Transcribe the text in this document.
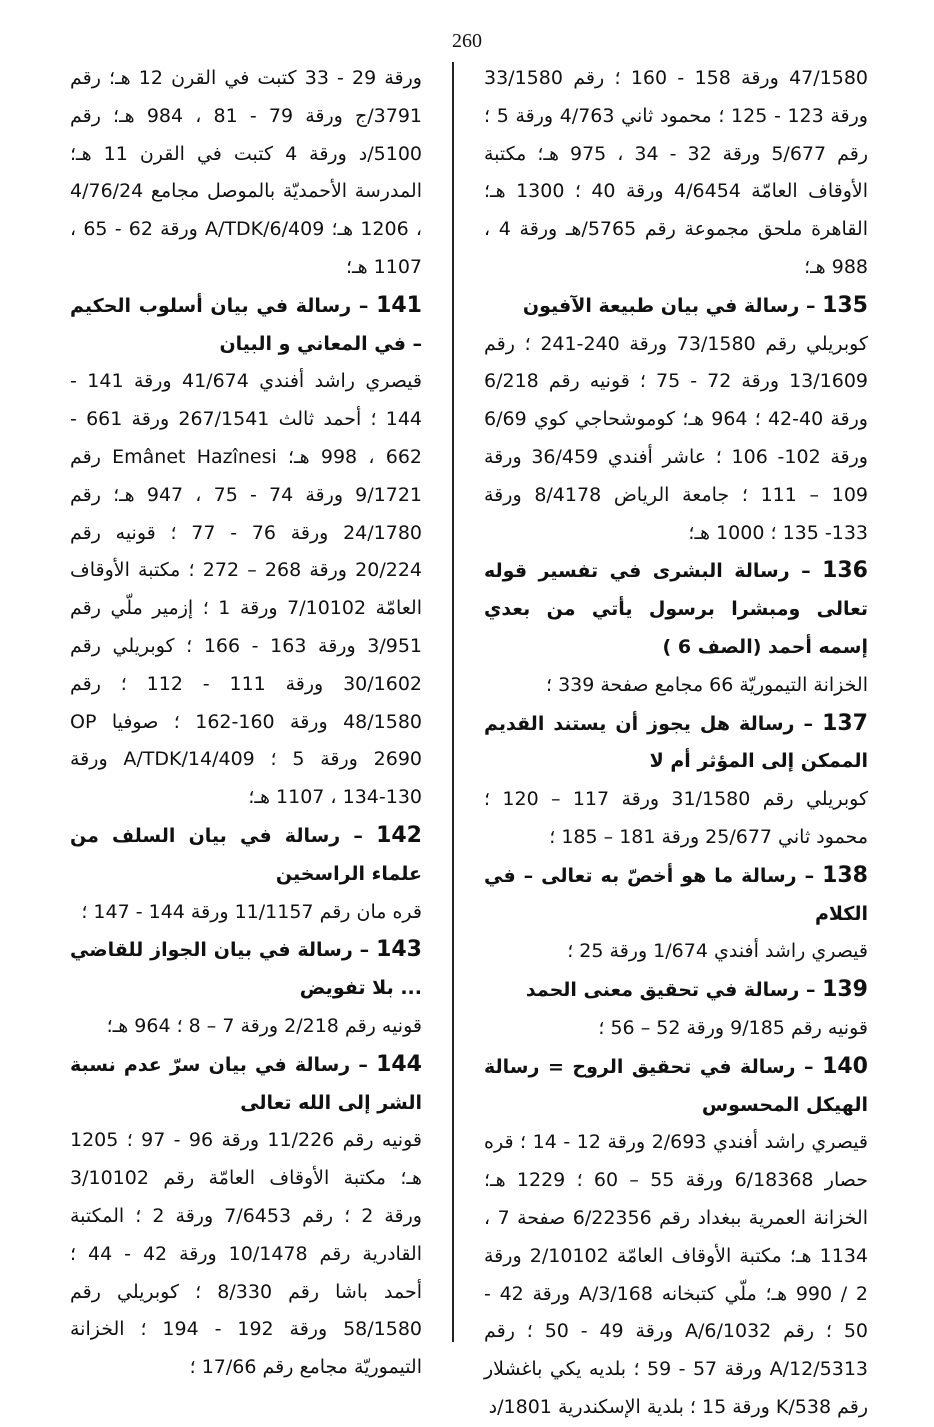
260

47/1580 ورقة 158 - 160 ؛ رقم 33/1580 ورقة 123 - 125 ؛ محمود ثاني 4/763 ورقة 5 ؛ رقم 5/677 ورقة 32 - 34 ، 975 هـ؛ مكتبة الأوقاف العامّة 4/6454 ورقة 40 ؛ 1300 هـ؛ القاهرة ملحق مجموعة رقم 5765/هـ ورقة 4 ، 988 هـ؛

135 – رسالة في بيان طبيعة الآفيون

كوبريلي رقم 73/1580 ورقة 240-241 ؛ رقم 13/1609 ورقة 72 - 75 ؛ قونيه رقم 6/218 ورقة 40-42 ؛ 964 هـ؛ كوموشحاجي كوي 6/69 ورقة 102- 106 ؛ عاشر أفندي 36/459 ورقة 109 – 111 ؛ جامعة الرياض 8/4178 ورقة 133- 135 ؛ 1000 هـ؛

136 – رسالة البشرى في تفسير قوله تعالى ومبشرا برسول يأتي من بعدي إسمه أحمد (الصف 6 )

الخزانة التيموريّة 66 مجامع صفحة 339 ؛

137 – رسالة هل يجوز أن يستند القديم الممكن إلى المؤثر أم لا

كوبريلي رقم 31/1580 ورقة 117 – 120 ؛ محمود ثاني 25/677 ورقة 181 – 185 ؛

138 – رسالة ما هو أخصّ به تعالى – في الكلام

قيصري راشد أفندي 1/674 ورقة 25 ؛

139 – رسالة في تحقيق معنى الحمد

قونيه رقم 9/185 ورقة 52 – 56 ؛

140 – رسالة في تحقيق الروح = رسالة الهيكل المحسوس

قيصري راشد أفندي 2/693 ورقة 12 - 14 ؛ قره حصار 6/18368 ورقة 55 – 60 ؛ 1229 هـ؛ الخزانة العمرية ببغداد رقم 6/22356 صفحة 7 ، 1134 هـ؛ مكتبة الأوقاف العامّة 2/10102 ورقة 2 / 990 هـ؛ ملّي كتبخانه 3/168/A ورقة 42 - 50 ؛ رقم 6/1032/A ورقة 49 - 50 ؛ رقم 12/5313/A ورقة 57 - 59 ؛ بلديه يكي باغشلار رقم 538/K ورقة 15 ؛ بلدية الإسكندرية 1801/د

ورقة 29 - 33 كتبت في القرن 12 هـ؛ رقم 3791/ج ورقة 79 - 81 ، 984 هـ؛ رقم 5100/د ورقة 4 كتبت في القرن 11 هـ؛ المدرسة الأحمديّة بالموصل مجامع 4/76/24 ، 1206 هـ؛ 6/409/A/TDK ورقة 62 - 65 ، 1107 هـ؛

141 – رسالة في بيان أسلوب الحكيم – في المعاني و البيان

قيصري راشد أفندي 41/674 ورقة 141 - 144 ؛ أحمد ثالث 267/1541 ورقة 661 - 662 ، 998 هـ؛ Emânet Hazînesi رقم 9/1721 ورقة 74 - 75 ، 947 هـ؛ رقم 24/1780 ورقة 76 - 77 ؛ قونيه رقم 20/224 ورقة 268 – 272 ؛ مكتبة الأوقاف العامّة 7/10102 ورقة 1 ؛ إزمير ملّي رقم 3/951 ورقة 163 - 166 ؛ كوبريلي رقم 30/1602 ورقة 111 - 112 ؛ رقم 48/1580 ورقة 160-162 ؛ صوفيا OP 2690 ورقة 5 ؛ 14/409/A/TDK ورقة 130-134 ، 1107 هـ؛

142 – رسالة في بيان السلف من علماء الراسخين

قره مان رقم 11/1157 ورقة 144 - 147 ؛

143 – رسالة في بيان الجواز للقاضي ... بلا تفويض

قونيه رقم 2/218 ورقة 7 – 8 ؛ 964 هـ؛

144 – رسالة في بيان سرّ عدم نسبة الشر إلى الله تعالى

قونيه رقم 11/226 ورقة 96 - 97 ؛ 1205 هـ؛ مكتبة الأوقاف العامّة رقم 3/10102 ورقة 2 ؛ رقم 7/6453 ورقة 2 ؛ المكتبة القادرية رقم 10/1478 ورقة 42 - 44 ؛ أحمد باشا رقم 8/330 ؛ كوبريلي رقم 58/1580 ورقة 192 - 194 ؛ الخزانة التيموريّة مجامع رقم 17/66 ؛
